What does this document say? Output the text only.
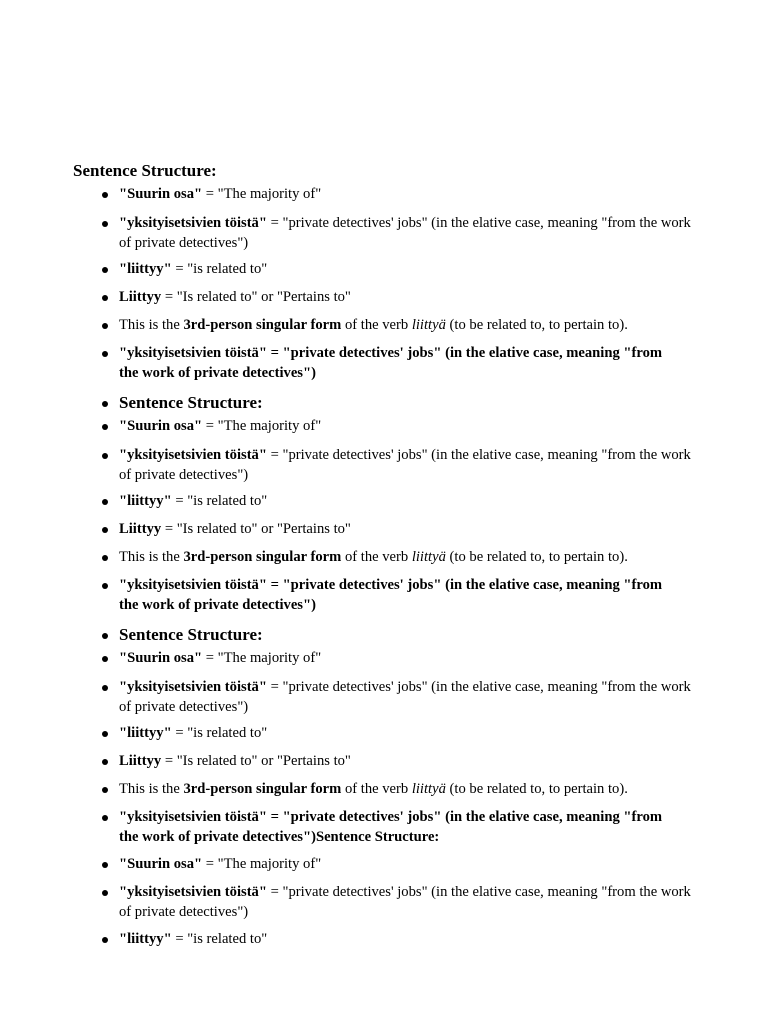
Sentence Structure:
"Suurin osa" = "The majority of"
"yksityisetsivien töistä" = "private detectives' jobs" (in the elative case, meaning "from the work of private detectives")
"liittyy" = "is related to"
Liittyy = "Is related to" or "Pertains to"
This is the 3rd-person singular form of the verb liittyä (to be related to, to pertain to).
"yksityisetsivien töistä" = "private detectives' jobs" (in the elative case, meaning "from the work of private detectives")
Sentence Structure:
"Suurin osa" = "The majority of"
"yksityisetsivien töistä" = "private detectives' jobs" (in the elative case, meaning "from the work of private detectives")
"liittyy" = "is related to"
Liittyy = "Is related to" or "Pertains to"
This is the 3rd-person singular form of the verb liittyä (to be related to, to pertain to).
"yksityisetsivien töistä" = "private detectives' jobs" (in the elative case, meaning "from the work of private detectives")
Sentence Structure:
"Suurin osa" = "The majority of"
"yksityisetsivien töistä" = "private detectives' jobs" (in the elative case, meaning "from the work of private detectives")
"liittyy" = "is related to"
Liittyy = "Is related to" or "Pertains to"
This is the 3rd-person singular form of the verb liittyä (to be related to, to pertain to).
"yksityisetsivien töistä" = "private detectives' jobs" (in the elative case, meaning "from the work of private detectives")Sentence Structure:
"Suurin osa" = "The majority of"
"yksityisetsivien töistä" = "private detectives' jobs" (in the elative case, meaning "from the work of private detectives")
"liittyy" = "is related to"
